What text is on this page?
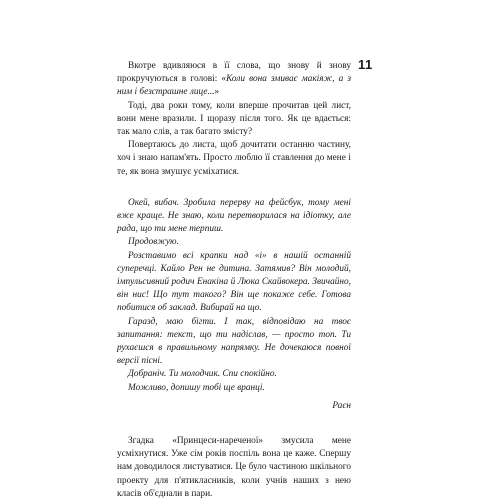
11

Вкотре вдивляюся в її слова, що знову й знову прокручуються в голові: «Коли вона змиває макіяж, а з ним і безстрашне лице...»

Тоді, два роки тому, коли вперше прочитав цей лист, вони мене вразили. І щоразу після того. Як це вдається: так мало слів, а так багато змісту?

Повертаюсь до листа, щоб дочитати останню частину, хоч і знаю напам'ять. Просто люблю її ставлення до мене і те, як вона змушує усміхатися.

Окей, вибач. Зробила перерву на фейсбук, тому мені вже краще. Не знаю, коли перетворилася на ідіотку, але рада, що ти мене терпиш.

Продовжую.

Розставимо всі крапки над «і» в нашій останній суперечці. Кайло Рен не дитина. Затямив? Він молодий, імпульсивний родич Енакіна й Люка Скайвокера. Звичайно, він нис! Що тут такого? Він ще покаже себе. Готова побитися об заклад. Вибирай на що.

Гаразд, маю бігти. І так, відповідаю на твоє запитання: текст, що ти надіслав, — просто топ. Ти рухаєшся в правильному напрямку. Не дочекаюся повної версії пісні.

Добраніч. Ти молодчик. Спи спокійно.

Можливо, допишу тобі ще вранці.

Раєн

Згадка «Принцеси-нареченої» змусила мене усміхнутися. Уже сім років поспіль вона це каже. Спершу нам доводилося листуватися. Це було частиною шкільного проекту для п'ятикласників, коли учнів наших з нею класів об'єднали в пари.
